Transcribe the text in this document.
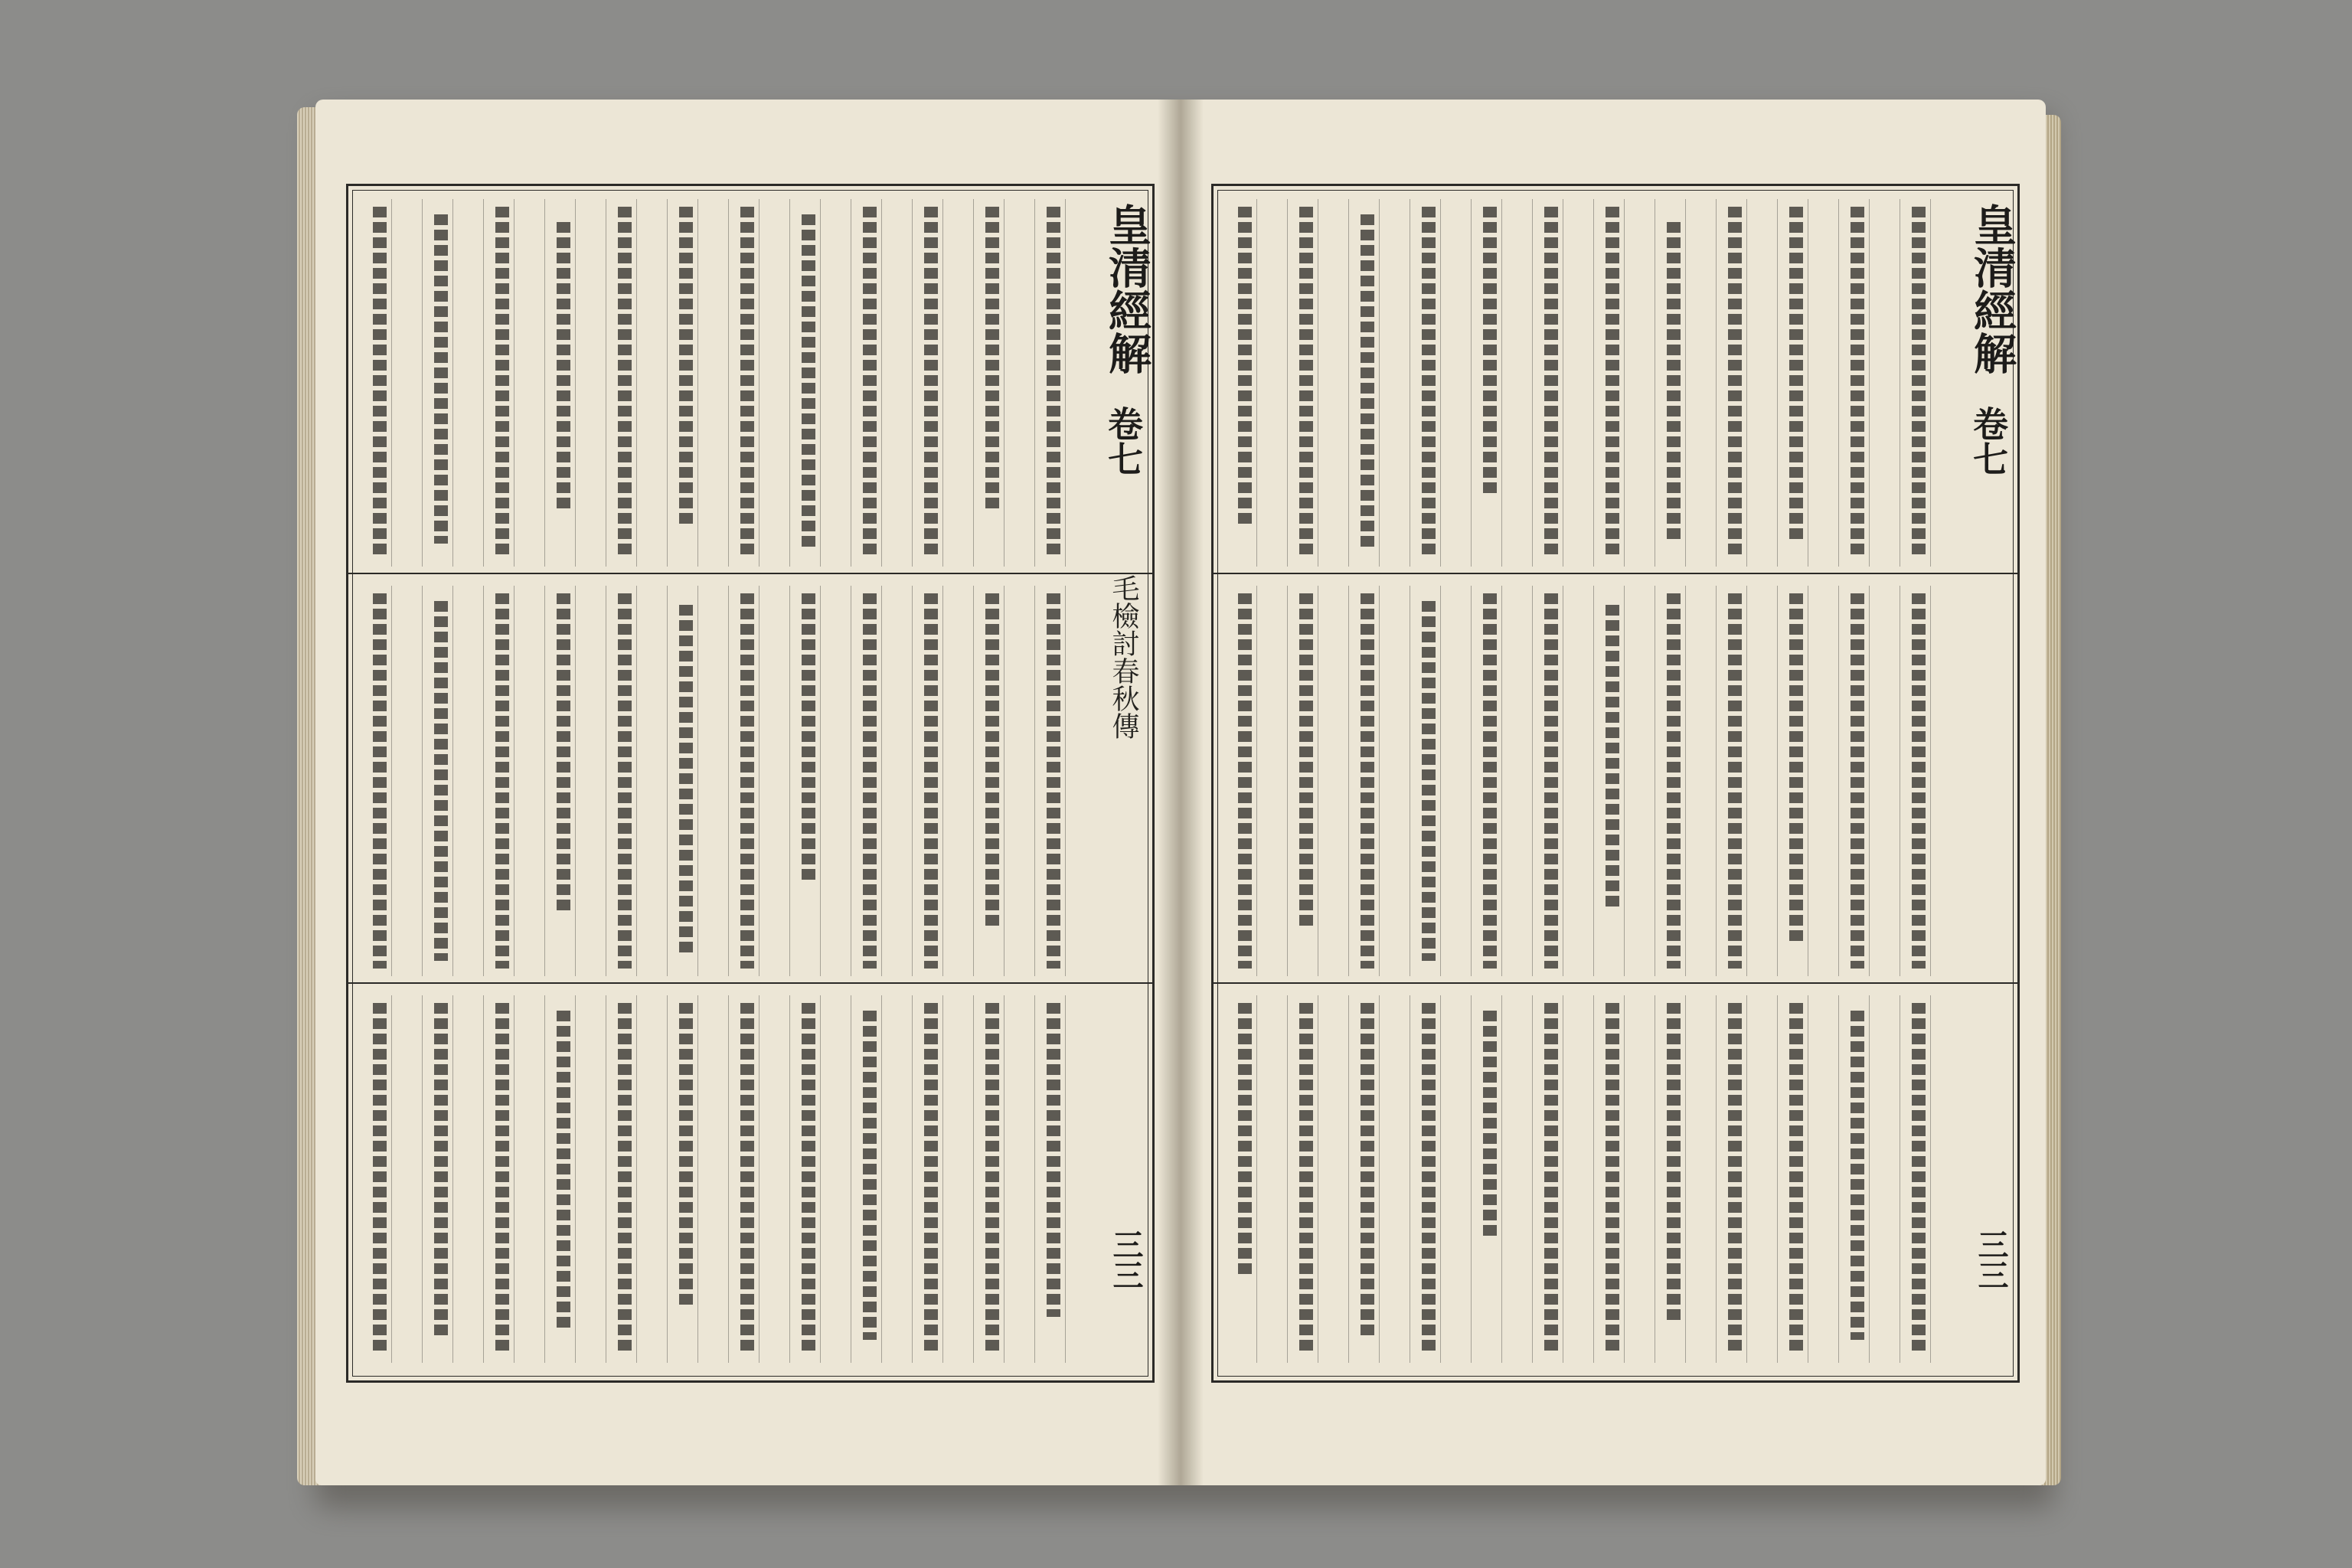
皇清經解
卷七
毛檢討春秋傳
三三
皇清經解
卷七
三三
